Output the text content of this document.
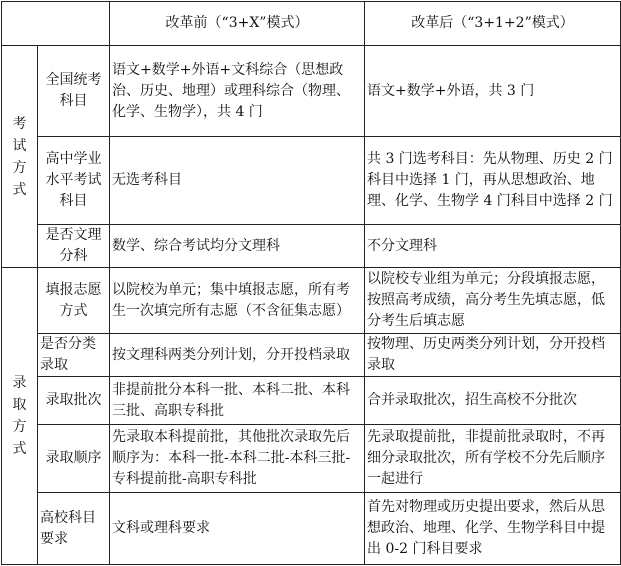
		改革前（“3+X”模式）	改革后（“3+1+2”模式）
考试方式	全国统考科目	语文+数学+外语+文科综合（思想政治、历史、地理）或理科综合（物理、化学、生物学），共 4 门	语文+数学+外语，共 3 门
	高中学业水平考试科目	无选考科目	共 3 门选考科目：先从物理、历史 2 门科目中选择 1 门，再从思想政治、地理、化学、生物学 4 门科目中选择 2 门
	是否文理分科	数学、综合考试均分文理科	不分文理科
录取方式	填报志愿方式	以院校为单元；集中填报志愿，所有考生一次填完所有志愿（不含征集志愿）	以院校专业组为单元；分段填报志愿，按照高考成绩，高分考生先填志愿，低分考生后填志愿
	是否分类录取	按文理科两类分列计划，分开投档录取	按物理、历史两类分列计划，分开投档录取
	录取批次	非提前批分本科一批、本科二批、本科三批、高职专科批	合并录取批次，招生高校不分批次
	录取顺序	先录取本科提前批，其他批次录取先后顺序为：本科一批-本科二批-本科三批-专科提前批-高职专科批	先录取提前批，非提前批录取时，不再细分录取批次，所有学校不分先后顺序一起进行
	高校科目要求	文科或理科要求	首先对物理或历史提出要求，然后从思想政治、地理、化学、生物学科目中提出 0-2 门科目要求
